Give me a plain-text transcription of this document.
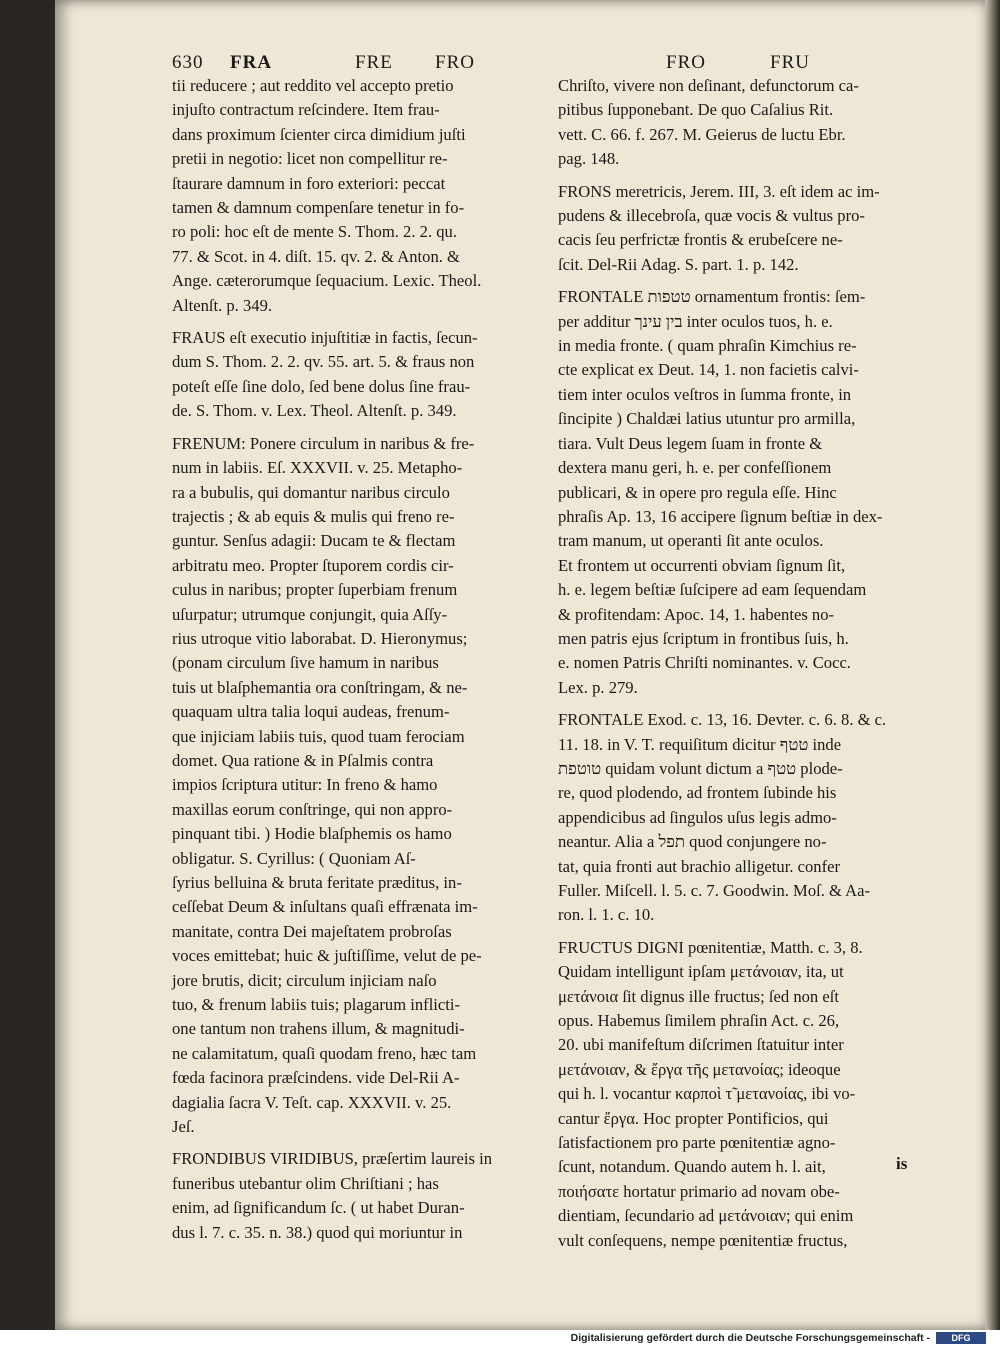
630 FRA	FRE FRO	FRO	FRU
tii reducere ; aut reddito vel accepto pretio
injuſto contractum reſcindere. Item frau-
dans proximum ſcienter circa dimidium juſti
pretii in negotio: licet non compellitur re-
ſtaurare damnum in foro exteriori: peccat
tamen & damnum compenſare tenetur in fo-
ro poli: hoc eſt de mente S. Thom. 2. 2. qu.
77. & Scot. in 4. diſt. 15. qv. 2. & Anton. &
Ange. cæterorumque ſequacium. Lexic. Theol.
Altenſt. p. 349.
FRAUS eſt executio injuſtitiæ in factis, ſecun-
dum S. Thom. 2. 2. qv. 55. art. 5. & fraus non
poteſt eſſe ſine dolo, ſed bene dolus ſine frau-
de. S. Thom. v. Lex. Theol. Altenſt. p. 349.
FRENUM: Ponere circulum in naribus & fre-
num in labiis. Eſ. XXXVII. v. 25. Metapho-
ra a bubulis, qui domantur naribus circulo
trajectis ; & ab equis & mulis qui freno re-
guntur. Senſus adagii: Ducam te & flectam
arbitratu meo. Propter ſtuporem cordis cir-
culus in naribus; propter ſuperbiam frenum
uſurpatur; utrumque conjungit, quia Aſſy-
rius utroque vitio laborabat. D. Hieronymus;
(ponam circulum ſive hamum in naribus
tuis ut blaſphemantia ora conſtringam, & ne-
quaquam ultra talia loqui audeas, frenum-
que injiciam labiis tuis, quod tuam ferociam
domet. Qua ratione & in Pſalmis contra
impios ſcriptura utitur: In freno & hamo
maxillas eorum conſtringe, qui non appro-
pinquant tibi. ) Hodie blaſphemis os hamo
obligatur. S. Cyrillus: ( Quoniam Aſ-
ſyrius belluina & bruta feritate præditus, in-
ceſſebat Deum & inſultans quaſi effrænata im-
manitate, contra Dei majeſtatem probroſas
voces emittebat; huic & juſtiſſime, velut de pe-
jore brutis, dicit; circulum injiciam naſo
tuo, & frenum labiis tuis; plagarum inflicti-
one tantum non trahens illum, & magnitudi-
ne calamitatum, quaſi quodam freno, hæc tam
fœda facinora præſcindens. vide Del-Rii A-
dagialia ſacra V. Teſt. cap. XXXVII. v. 25.
Jeſ.
FRONDIBUS VIRIDIBUS, præſertim laureis in
funeribus utebantur olim Chriſtiani ; has
enim, ad ſignificandum ſc. ( ut habet Duran-
dus l. 7. c. 35. n. 38.) quod qui moriuntur in
Chriſto, vivere non deſinant, defunctorum ca-
pitibus ſupponebant. De quo Caſalius Rit.
vett. C. 66. f. 267. M. Geierus de luctu Ebr.
pag. 148.
FRONS meretricis, Jerem. III, 3. eſt idem ac im-
pudens & illecebroſa, quæ vocis & vultus pro-
cacis ſeu perfrictæ frontis & erubeſcere ne-
ſcit. Del-Rii Adag. S. part. 1. p. 142.
FRONTALE טטפות ornamentum frontis: ſem-
per additur בין עינך inter oculos tuos, h. e.
in media fronte. ( quam phraſin Kimchius re-
cte explicat ex Deut. 14, 1. non facietis calvi-
tiem inter oculos veſtros in ſumma fronte, in
ſincipite ) Chaldæi latius utuntur pro armilla,
tiara. Vult Deus legem ſuam in fronte &
dextera manu geri, h. e. per confeſſionem
publicari, & in opere pro regula eſſe. Hinc
phraſis Ap. 13, 16 accipere ſignum beſtiæ in dex-
tram manum, ut operanti ſit ante oculos.
Et frontem ut occurrenti obviam ſignum ſit,
h. e. legem beſtiæ ſuſcipere ad eam ſequendam
& profitendam: Apoc. 14, 1. habentes no-
men patris ejus ſcriptum in frontibus ſuis, h.
e. nomen Patris Chriſti nominantes. v. Cocc.
Lex. p. 279.
FRONTALE Exod. c. 13, 16. Devter. c. 6. 8. & c.
11. 18. in V. T. requiſitum dicitur טטף inde
טוטפת quidam volunt dictum a טטף plode-
re, quod plodendo, ad frontem ſubinde his
appendicibus ad ſingulos uſus legis admo-
neantur. Alia a תפל quod conjungere no-
tat, quia fronti aut brachio alligetur. confer
Fuller. Miſcell. l. 5. c. 7. Goodwin. Moſ. & Aa-
ron. l. 1. c. 10.
FRUCTUS DIGNI pœnitentiæ, Matth. c. 3, 8.
Quidam intelligunt ipſam μετάνοιαν, ita, ut
μετάνοια ſit dignus ille fructus; ſed non eſt
opus. Habemus ſimilem phraſin Act. c. 26,
20. ubi manifeſtum diſcrimen ſtatuitur inter
μετάνοιαν, & ἔργα τῆς μετανοίας; ideoque
qui h. l. vocantur καρποὶ τ̃ μετανοίας, ibi vo-
cantur ἔργα. Hoc propter Pontificios, qui
ſatisfactionem pro parte pœnitentiæ agno-
ſcunt, notandum. Quando autem h. l. ait,
ποιήσατε hortatur primario ad novam obe-
dientiam, ſecundario ad μετάνοιαν; qui enim
vult conſequens, nempe pœnitentiæ fructus,
is
Digitalisierung gefördert durch die Deutsche Forschungsgemeinschaft -	DFG
